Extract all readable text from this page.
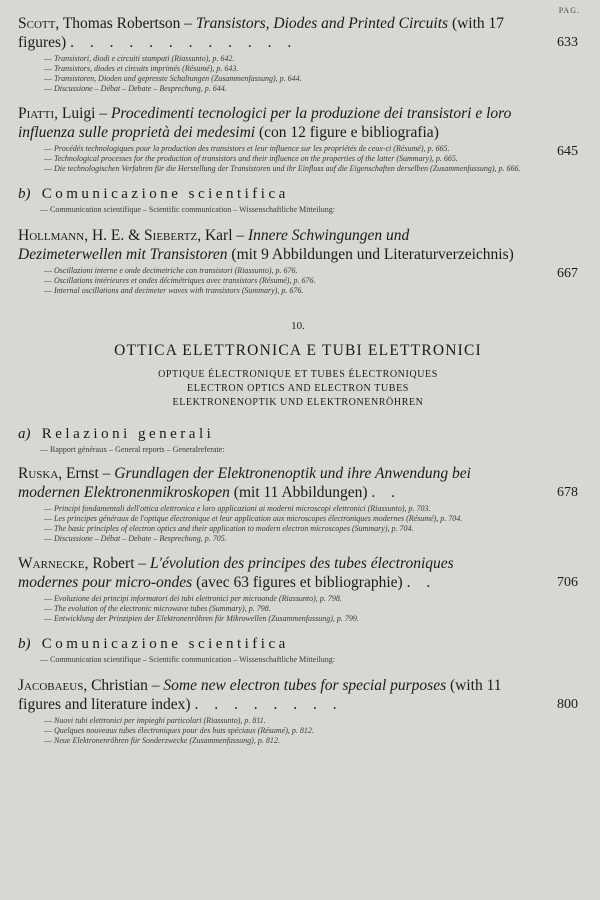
PAG.
633

Scott, Thomas Robertson – Transistors, Diodes and Printed Circuits (with 17 figures) . . . . . . . . . . . .

— Transistori, diodi e circuiti stampati (Riassunto), p. 642.
— Transistors, diodes et circuits imprimés (Résumé), p. 643.
— Transistoren, Dioden und gepresste Schaltungen (Zusammenfassung), p. 644.
— Discussione – Débat – Debate – Besprechung, p. 644.
645

Piatti, Luigi – Procedimenti tecnologici per la produzione dei transistori e loro influenza sulle proprietà dei medesimi (con 12 figure e bibliografia)

— Procédés technologiques pour la production des transistors et leur influence sur les propriétés de ceux-ci (Résumé), p. 665.
— Technological processes for the production of transistors and their influence on the properties of the latter (Summary), p. 665.
— Die technologischen Verfahren für die Herstellung der Transistoren und ihr Einfluss auf die Eigenschaften derselben (Zusammenfassung), p. 666.
b) Comunicazione scientifica
— Communication scientifique – Scientific communication – Wissenschaftliche Mitteilung:
667

Hollmann, H. E. & Siebertz, Karl – Innere Schwingungen und Dezimeterwellen mit Transistoren (mit 9 Abbildungen und Literaturverzeichnis)

— Oscillazioni interne e onde decimetriche con transistori (Riassunto), p. 676.
— Oscillations intérieures et ondes décimétriques avec transistors (Résumé), p. 676.
— Internal oscillations and decimeter waves with transistors (Summary), p. 676.
10.
OTTICA ELETTRONICA E TUBI ELETTRONICI
OPTIQUE ÉLECTRONIQUE ET TUBES ÉLECTRONIQUES
ELECTRON OPTICS AND ELECTRON TUBES
ELEKTRONENOPTIK UND ELEKTRONENRÖHREN
a) Relazioni generali
— Rapport généraux – General reports – Generalreferate:
678

Ruska, Ernst – Grundlagen der Elektronenoptik und ihre Anwendung bei modernen Elektronenmikroskopen (mit 11 Abbildungen) . .

— Principi fondamentali dell'ottica elettronica e loro applicazioni ai moderni microscopi elettronici (Riassunto), p. 703.
— Les principes généraux de l'optique électronique et leur application aux microscopes électroniques modernes (Résumé), p. 704.
— The basic principles of electron optics and their application to modern electron microscopes (Summary), p. 704.
— Discussione – Débat – Debate – Besprechung, p. 705.
706

Warnecke, Robert – L'évolution des principes des tubes électroniques modernes pour micro-ondes (avec 63 figures et bibliographie) . .

— Evoluzione dei principi informatori dei tubi elettronici per microonde (Riassunto), p. 798.
— The evolution of the electronic microwave tubes (Summary), p. 798.
— Entwicklung der Prinzipien der Elektronenröhren für Mikrowellen (Zusammenfassung), p. 799.
b) Comunicazione scientifica
— Communication scientifique – Scientific communication – Wissenschaftliche Mitteilung:
800

Jacobaeus, Christian – Some new electron tubes for special purposes (with 11 figures and literature index) . . . . . . . .

— Nuovi tubi elettronici per impieghi particolari (Riassunto), p. 811.
— Quelques nouveaux tubes électroniques pour des buts spéciaux (Résumé), p. 812.
— Neue Elektronenröhren für Sonderzwecke (Zusammenfassung), p. 812.
